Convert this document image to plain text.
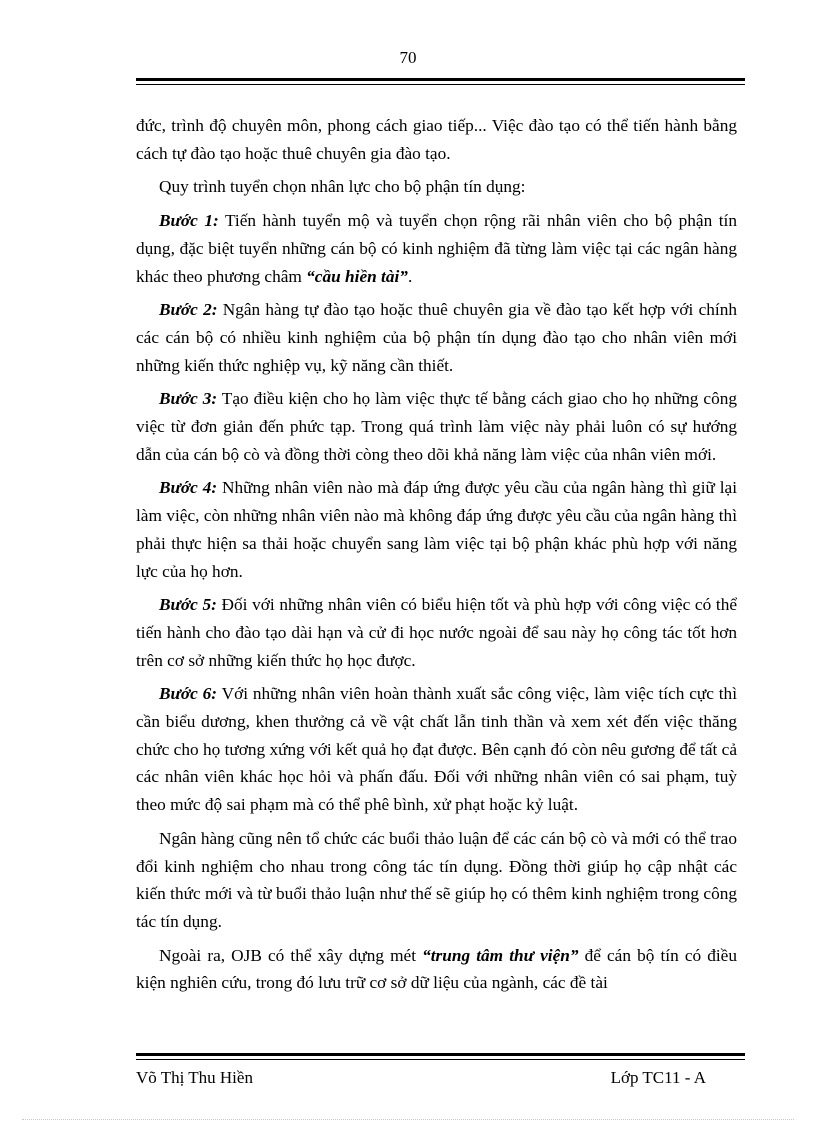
70

đức, trình độ chuyên môn, phong cách giao tiếp... Việc đào tạo có thể tiến hành bằng cách tự đào tạo hoặc thuê chuyên gia đào tạo.

Quy trình tuyển chọn nhân lực cho bộ phận tín dụng:

Bước 1: Tiến hành tuyển mộ và tuyển chọn rộng rãi nhân viên cho bộ phận tín dụng, đặc biệt tuyển những cán bộ có kinh nghiệm đã từng làm việc tại các ngân hàng khác theo phương châm “cầu hiền tài”.

Bước 2: Ngân hàng tự đào tạo hoặc thuê chuyên gia về đào tạo kết hợp với chính các cán bộ có nhiều kinh nghiệm của bộ phận tín dụng đào tạo cho nhân viên mới những kiến thức nghiệp vụ, kỹ năng cần thiết.

Bước 3: Tạo điều kiện cho họ làm việc thực tế bằng cách giao cho họ những công việc từ đơn giản đến phức tạp. Trong quá trình làm việc này phải luôn có sự hướng dẫn của cán bộ cò và đồng thời còng theo dõi khả năng làm việc của nhân viên mới.

Bước 4: Những nhân viên nào mà đáp ứng được yêu cầu của ngân hàng thì giữ lại làm việc, còn những nhân viên nào mà không đáp ứng được yêu cầu của ngân hàng thì phải thực hiện sa thải hoặc chuyển sang làm việc tại bộ phận khác phù hợp với năng lực của họ hơn.

Bước 5: Đối với những nhân viên có biểu hiện tốt và phù hợp với công việc có thể tiến hành cho đào tạo dài hạn và cử đi học nước ngoài để sau này họ công tác tốt hơn trên cơ sở những kiến thức họ học được.

Bước 6: Với những nhân viên hoàn thành xuất sắc công việc, làm việc tích cực thì cần biểu dương, khen thưởng cả về vật chất lẫn tinh thần và xem xét đến việc thăng chức cho họ tương xứng với kết quả họ đạt được. Bên cạnh đó còn nêu gương để tất cả các nhân viên khác học hỏi và phấn đấu. Đối với những nhân viên có sai phạm, tuỳ theo mức độ sai phạm mà có thể phê bình, xử phạt hoặc kỷ luật.

Ngân hàng cũng nên tổ chức các buổi thảo luận để các cán bộ cò và mới có thể trao đổi kinh nghiệm cho nhau trong công tác tín dụng. Đồng thời giúp họ cập nhật các kiến thức mới và từ buổi thảo luận như thế sẽ giúp họ có thêm kinh nghiệm trong công tác tín dụng.

Ngoài ra, OJB có thể xây dựng mét “trung tâm thư viện” để cán bộ tín có điều kiện nghiên cứu, trong đó lưu trữ cơ sở dữ liệu của ngành, các đề tài

Võ Thị Thu Hiền	Lớp TC11 - A
